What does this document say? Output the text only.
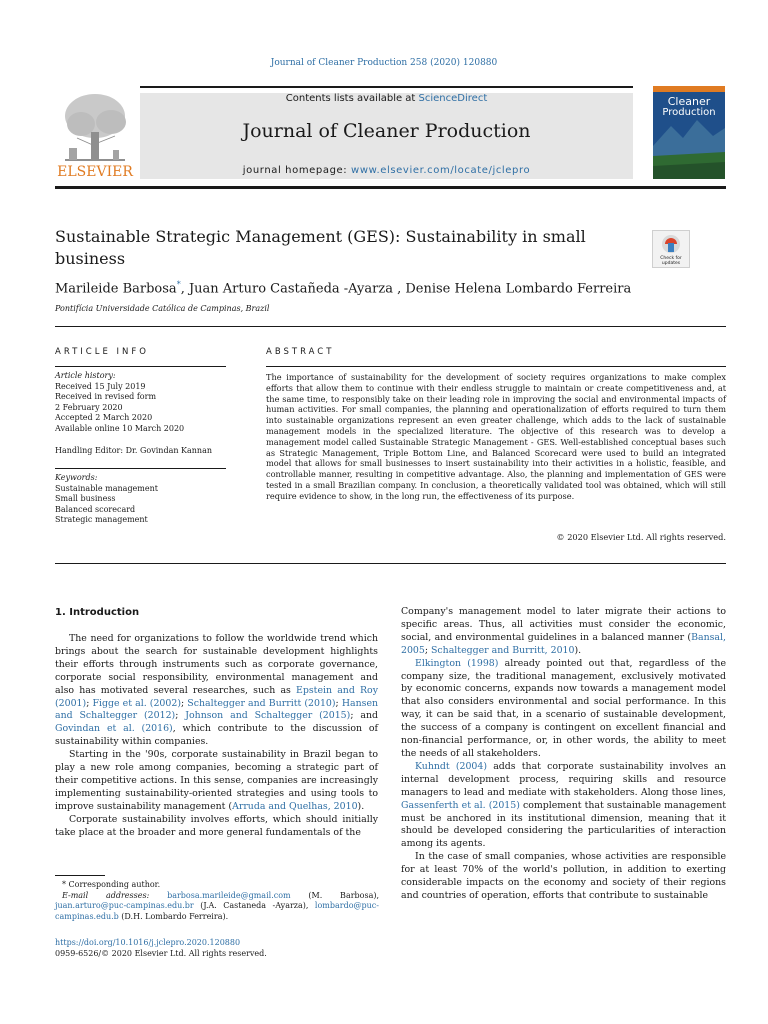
Journal of Cleaner Production 258 (2020) 120880
Contents lists available at ScienceDirect
Journal of Cleaner Production
journal homepage: www.elsevier.com/locate/jclepro
ELSEVIER
Cleaner
Production
Sustainable Strategic Management (GES): Sustainability in small business	Check for updates
Marileide Barbosa*, Juan Arturo Castañeda -Ayarza , Denise Helena Lombardo Ferreira
Pontifícia Universidade Católica de Campinas, Brazil
ARTICLE INFO
Article history:
Received 15 July 2019
Received in revised form
2 February 2020
Accepted 2 March 2020
Available online 10 March 2020
Handling Editor: Dr. Govindan Kannan
Keywords:
Sustainable management
Small business
Balanced scorecard
Strategic management
ABSTRACT
The importance of sustainability for the development of society requires organizations to make complex efforts that allow them to continue with their endless struggle to maintain or create competitiveness and, at the same time, to responsibly take on their leading role in improving the social and environmental impacts of human activities. For small companies, the planning and operationalization of efforts required to turn them into sustainable organizations represent an even greater challenge, which adds to the lack of sustainable management models in the specialized literature. The objective of this research was to develop a management model called Sustainable Strategic Management - GES. Well-established conceptual bases such as Strategic Management, Triple Bottom Line, and Balanced Scorecard were used to build an integrated model that allows for small businesses to insert sustainability into their activities in a holistic, feasible, and controllable manner, resulting in competitive advantage. Also, the planning and implementation of GES were tested in a small Brazilian company. In conclusion, a theoretically validated tool was obtained, which will still require evidence to show, in the long run, the effectiveness of its purpose.
© 2020 Elsevier Ltd. All rights reserved.
1. Introduction

The need for organizations to follow the worldwide trend which brings about the search for sustainable development highlights their efforts through instruments such as corporate governance, corporate social responsibility, environmental management and also has motivated several researches, such as Epstein and Roy (2001); Figge et al. (2002); Schaltegger and Burritt (2010); Hansen and Schaltegger (2012); Johnson and Schaltegger (2015); and Govindan et al. (2016), which contribute to the discussion of sustainability within companies.

Starting in the '90s, corporate sustainability in Brazil began to play a new role among companies, becoming a strategic part of their competitive actions. In this sense, companies are increasingly implementing sustainability-oriented strategies and using tools to improve sustainability management (Arruda and Quelhas, 2010).

Corporate sustainability involves efforts, which should initially take place at the broader and more general fundamentals of the

Company's management model to later migrate their actions to specific areas. Thus, all activities must consider the economic, social, and environmental guidelines in a balanced manner (Bansal, 2005; Schaltegger and Burritt, 2010).

Elkington (1998) already pointed out that, regardless of the company size, the traditional management, exclusively motivated by economic concerns, expands now towards a management model that also considers environmental and social performance. In this way, it can be said that, in a scenario of sustainable development, the success of a company is contingent on excellent financial and non-financial performance, or, in other words, the ability to meet the needs of all stakeholders.

Kuhndt (2004) adds that corporate sustainability involves an internal development process, requiring skills and resource managers to lead and mediate with stakeholders. Along those lines, Gassenferth et al. (2015) complement that sustainable management must be anchored in its institutional dimension, meaning that it should be developed considering the particularities of interaction among its agents.

In the case of small companies, whose activities are responsible for at least 70% of the world's pollution, in addition to exerting considerable impacts on the economy and society of their regions and countries of operation, efforts that contribute to sustainable

* Corresponding author.
E-mail addresses: barbosa.marileide@gmail.com (M. Barbosa), juan.arturo@puc-campinas.edu.br (J.A. Castaneda -Ayarza), lombardo@puc-campinas.edu.b (D.H. Lombardo Ferreira).
https://doi.org/10.1016/j.jclepro.2020.120880
0959-6526/© 2020 Elsevier Ltd. All rights reserved.
